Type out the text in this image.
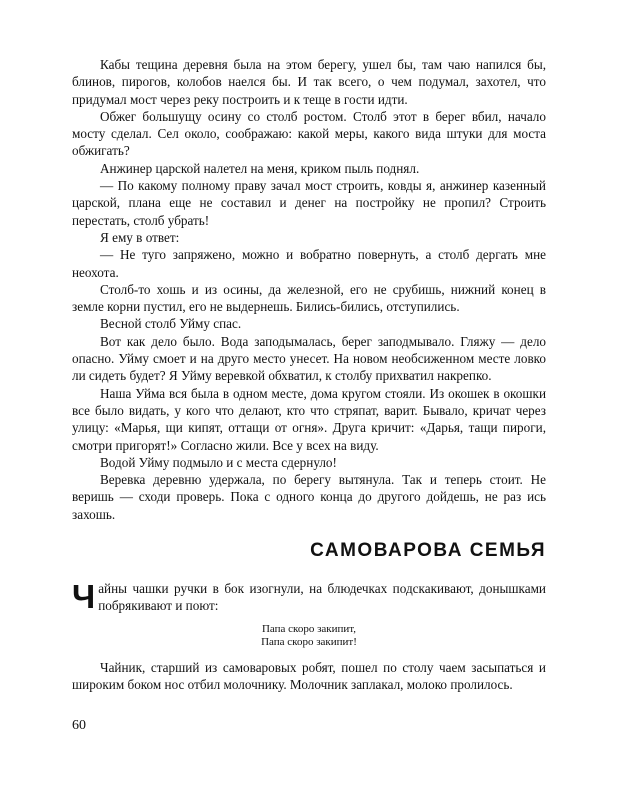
Кабы тещина деревня была на этом берегу, ушел бы, там чаю напился бы, блинов, пирогов, колобов наелся бы. И так всего, о чем подумал, захотел, что придумал мост через реку построить и к теще в гости идти.

Обжег большущу осину со столб ростом. Столб этот в берег вбил, начало мосту сделал. Сел около, соображаю: какой меры, какого вида штуки для моста обжигать?

Анжинер царской налетел на меня, криком пыль поднял.

— По какому полному праву зачал мост строить, ковды я, анжинер казенный царской, плана еще не составил и денег на постройку не пропил? Строить перестать, столб убрать!

Я ему в ответ:

— Не туго запряжено, можно и вобратно повернуть, а столб дергать мне неохота.

Столб-то хошь и из осины, да железной, его не срубишь, нижний конец в земле корни пустил, его не выдернешь. Бились-бились, отступились.

Весной столб Уйму спас.

Вот как дело было. Вода заподымалась, берег заподмывало. Гляжу — дело опасно. Уйму смоет и на друго место унесет. На новом необсиженном месте ловко ли сидеть будет? Я Уйму веревкой обхватил, к столбу прихватил накрепко.

Наша Уйма вся была в одном месте, дома кругом стояли. Из окошек в окошки все было видать, у кого что делают, кто что стряпат, варит. Бывало, кричат через улицу: «Марья, щи кипят, оттащи от огня». Друга кричит: «Дарья, тащи пироги, смотри пригорят!» Согласно жили. Все у всех на виду.

Водой Уйму подмыло и с места сдернуло!

Веревка деревню удержала, по берегу вытянула. Так и теперь стоит. Не веришь — сходи проверь. Пока с одного конца до другого дойдешь, не раз ись захошь.

САМОВАРОВА СЕМЬЯ

Чайны чашки ручки в бок изогнули, на блюдечках подскакивают, донышками побрякивают и поют:

Папа скоро закипит,
Папа скоро закипит!

Чайник, старший из самоваровых робят, пошел по столу чаем засыпаться и широким боком нос отбил молочнику. Молочник заплакал, молоко пролилось.

60
